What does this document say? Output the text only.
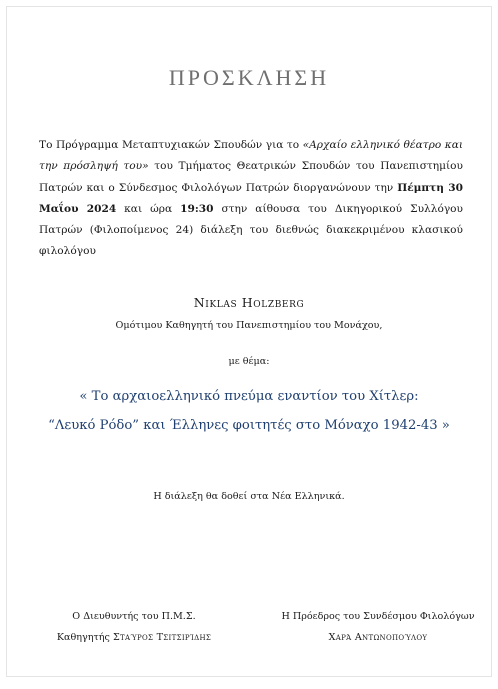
ΠΡΟΣΚΛΗΣΗ
Το Πρόγραμμα Μεταπτυχιακών Σπουδών για το «Αρχαίο ελληνικό θέατρο και την πρόσληψή του» του Τμήματος Θεατρικών Σπουδών του Πανεπιστημίου Πατρών και ο Σύνδεσμος Φιλολόγων Πατρών διοργανώνουν την Πέμπτη 30 Μαΐου 2024 και ώρα 19:30 στην αίθουσα του Δικηγορικού Συλλόγου Πατρών (Φιλοποίμενος 24) διάλεξη του διεθνώς διακεκριμένου κλασικού φιλολόγου
Niklas Holzberg
Ομότιμου Καθηγητή του Πανεπιστημίου του Μονάχου,
με θέμα:
« Το αρχαιοελληνικό πνεύμα εναντίον του Χίτλερ:
“Λευκό Ρόδο” και Έλληνες φοιτητές στο Μόναχο 1942-43 »
Η διάλεξη θα δοθεί στα Νέα Ελληνικά.
Ο Διευθυντής του Π.Μ.Σ.
Καθηγητής Σταύρος Τσιτσιρίδης
Η Πρόεδρος του Συνδέσμου Φιλολόγων
Χαρά Αντωνοπούλου
